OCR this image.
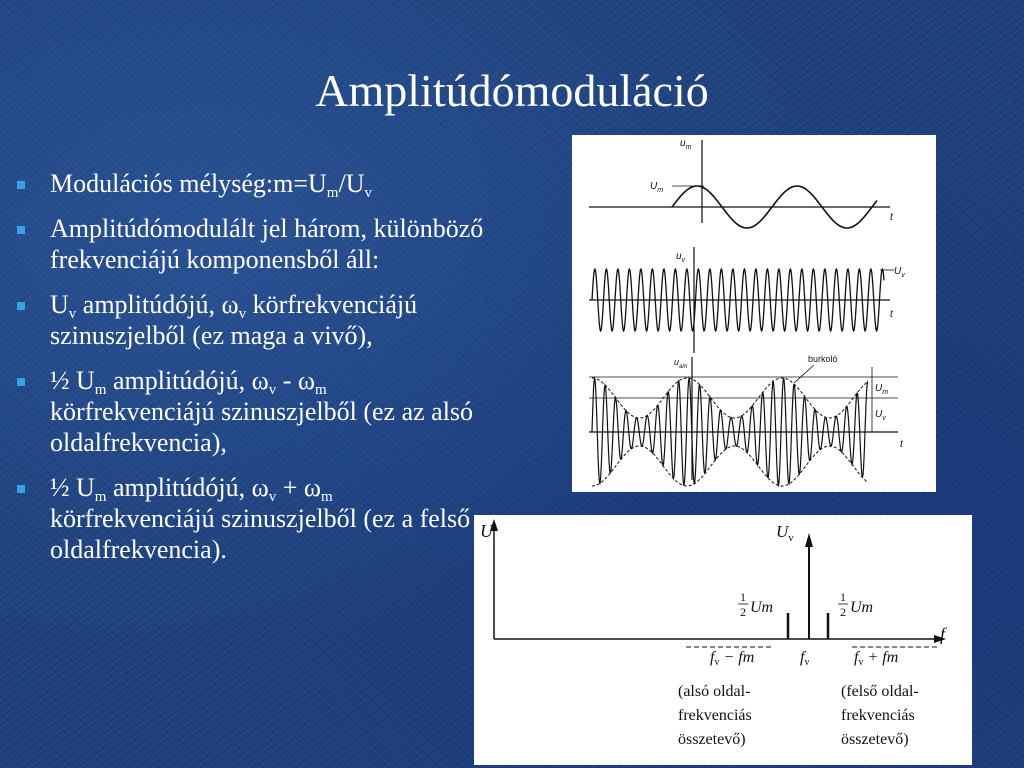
Amplitúdómoduláció
Modulációs $mélység:m=U_m/U_v$
Amplitúdómodulált jel három, különböző frekvenciájú komponensből áll:
$U_v$ amplitúdójú, $\omega_v$ körfrekvenciájú szinuszjelből (ez maga a vivő),
½ $U_m$ amplitúdójú, $\omega_v - \omega_m$ körfrekvenciájú szinuszjelből (ez az alsó oldalfrekvencia),
½ $U_m$ amplitúdójú, $\omega_v + \omega_m$ körfrekvenciájú szinuszjelből (ez a felső oldalfrekvencia).
$u_m$
$U_m$
t
$u_v$
$U_v$
t
$u_{am}$
burkoló
$U_m$
$U_v$
t
U
f
$U_v$
1
2 Um
1
2 Um
fv − fm	fv	fv + fm
(alsó oldal-
frekvenciás
összetevő)
(felső oldal-
frekvenciás
összetevő)
